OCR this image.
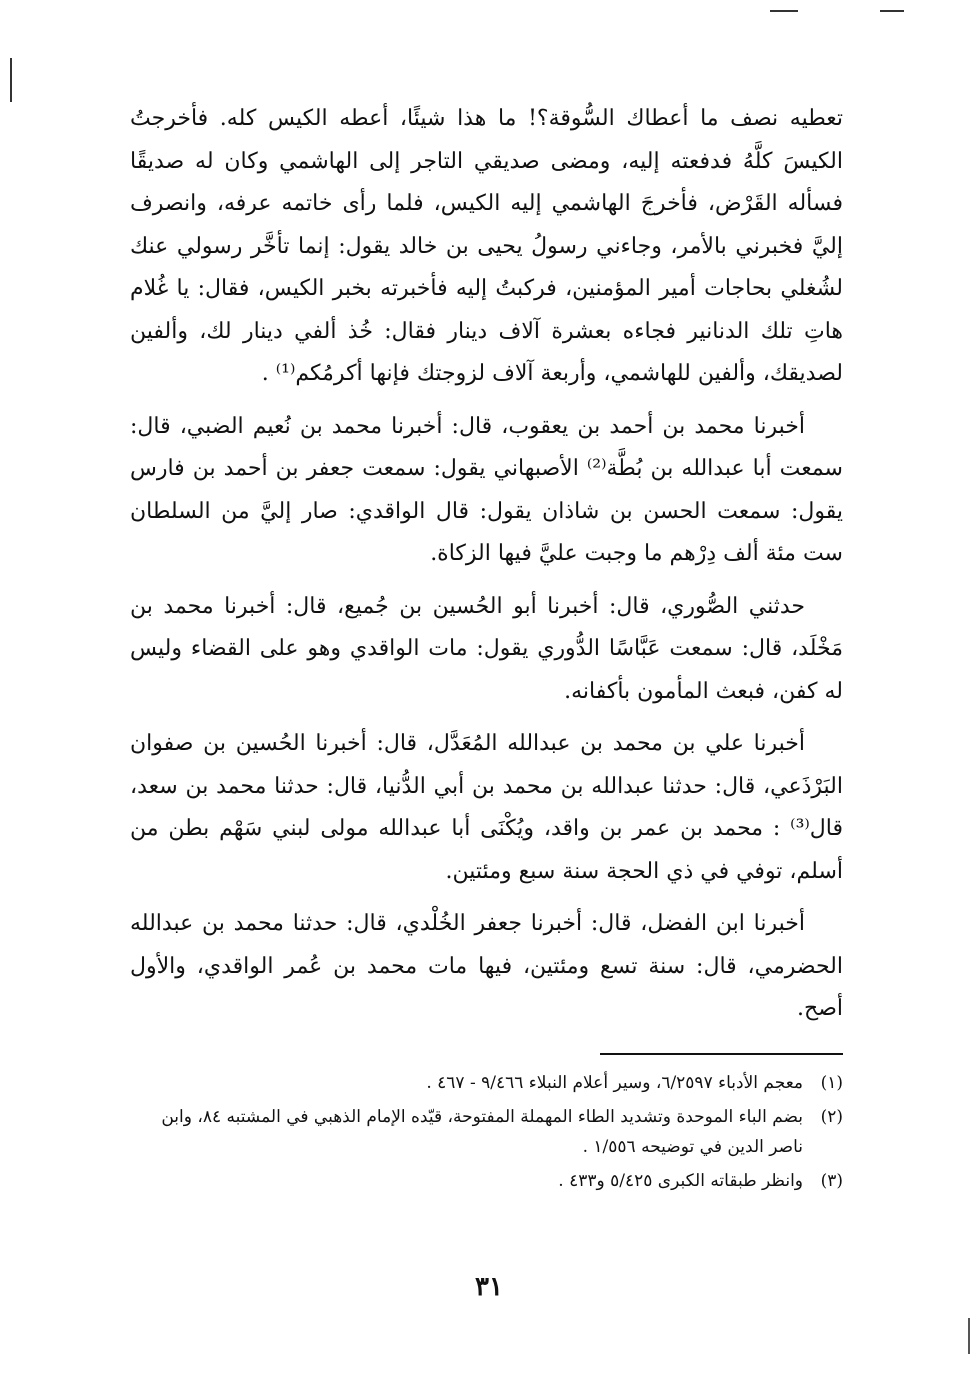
تعطيه نصف ما أعطاك السُّوقة؟! ما هذا شيئًا، أعطه الكيس كله. فأخرجتُ الكيسَ كلَّهُ فدفعته إليه، ومضى صديقي التاجر إلى الهاشمي وكان له صديقًا فسأله القَرْض، فأخرجَ الهاشمي إليه الكيس، فلما رأى خاتمه عرفه، وانصرف إليَّ فخبرني بالأمر، وجاءني رسولُ يحيى بن خالد يقول: إنما تأخَّر رسولي عنك لشُغلي بحاجات أمير المؤمنين، فركبتُ إليه فأخبرته بخبر الكيس، فقال: يا غُلام هاتِ تلك الدنانير فجاءه بعشرة آلاف دينار فقال: خُذ ألفي دينار لك، وألفين لصديقك، وألفين للهاشمي، وأربعة آلاف لزوجتك فإنها أكرمُكم⁽¹⁾ .

أخبرنا محمد بن أحمد بن يعقوب، قال: أخبرنا محمد بن نُعيم الضبي، قال: سمعت أبا عبدالله بن بُطَّة⁽²⁾ الأصبهاني يقول: سمعت جعفر بن أحمد بن فارس يقول: سمعت الحسن بن شاذان يقول: قال الواقدي: صار إليَّ من السلطان ست مئة ألف دِرْهم ما وجبت عليَّ فيها الزكاة.

حدثني الصُّوري، قال: أخبرنا أبو الحُسين بن جُميع، قال: أخبرنا محمد بن مَخْلَد، قال: سمعت عَبَّاسًا الدُّوري يقول: مات الواقدي وهو على القضاء وليس له كفن، فبعث المأمون بأكفانه.

أخبرنا علي بن محمد بن عبدالله المُعَدَّل، قال: أخبرنا الحُسين بن صفوان البَرْذَعي، قال: حدثنا عبدالله بن محمد بن أبي الدُّنيا، قال: حدثنا محمد بن سعد، قال⁽³⁾ : محمد بن عمر بن واقد، ويُكْنَى أبا عبدالله مولى لبني سَهْم بطن من أسلم، توفي في ذي الحجة سنة سبع ومئتين.

أخبرنا ابن الفضل، قال: أخبرنا جعفر الخُلْدي، قال: حدثنا محمد بن عبدالله الحضرمي، قال: سنة تسع ومئتين، فيها مات محمد بن عُمر الواقدي، والأول أصح.

(١)
معجم الأدباء ٦/٢٥٩٧، وسير أعلام النبلاء ٩/٤٦٦ - ٤٦٧ .
(٢)
بضم الباء الموحدة وتشديد الطاء المهملة المفتوحة، قيّده الإمام الذهبي في المشتبه ٨٤، وابن ناصر الدين في توضيحه ١/٥٥٦ .
(٣)
وانظر طبقاته الكبرى ٥/٤٢٥ و٤٣٣ .
٣١
